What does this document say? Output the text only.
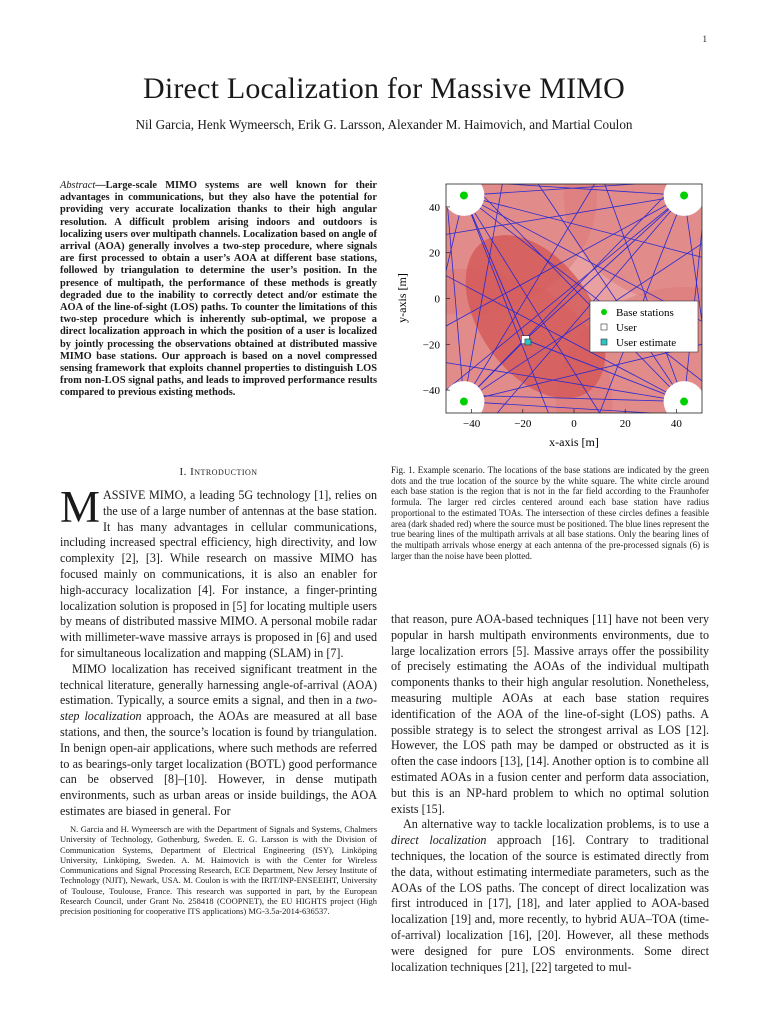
1
Direct Localization for Massive MIMO
Nil Garcia, Henk Wymeersch, Erik G. Larsson, Alexander M. Haimovich, and Martial Coulon
Abstract—Large-scale MIMO systems are well known for their advantages in communications, but they also have the potential for providing very accurate localization thanks to their high angular resolution. A difficult problem arising indoors and outdoors is localizing users over multipath channels. Localization based on angle of arrival (AOA) generally involves a two-step procedure, where signals are first processed to obtain a user’s AOA at different base stations, followed by triangulation to determine the user’s position. In the presence of multipath, the performance of these methods is greatly degraded due to the inability to correctly detect and/or estimate the AOA of the line-of-sight (LOS) paths. To counter the limitations of this two-step procedure which is inherently sub-optimal, we propose a direct localization approach in which the position of a user is localized by jointly processing the observations obtained at distributed massive MIMO base stations. Our approach is based on a novel compressed sensing framework that exploits channel properties to distinguish LOS from non-LOS signal paths, and leads to improved performance results compared to previous existing methods.
I. Introduction

MASSIVE MIMO, a leading 5G technology [1], relies on the use of a large number of antennas at the base station. It has many advantages in cellular communications, including increased spectral efficiency, high directivity, and low complexity [2], [3]. While research on massive MIMO has focused mainly on communications, it is also an enabler for high-accuracy localization [4]. For instance, a finger-printing localization solution is proposed in [5] for locating multiple users by means of distributed massive MIMO. A personal mobile radar with millimeter-wave massive arrays is proposed in [6] and used for simultaneous localization and mapping (SLAM) in [7].

MIMO localization has received significant treatment in the technical literature, generally harnessing angle-of-arrival (AOA) estimation. Typically, a source emits a signal, and then in a two-step localization approach, the AOAs are measured at all base stations, and then, the source’s location is found by triangulation. In benign open-air applications, where such methods are referred to as bearings-only target localization (BOTL) good performance can be observed [8]–[10]. However, in dense mutipath environments, such as urban areas or inside buildings, the AOA estimates are biased in general. For

N. Garcia and H. Wymeersch are with the Department of Signals and Systems, Chalmers University of Technology, Gothenburg, Sweden. E. G. Larsson is with the Division of Communication Systems, Department of Electrical Engineering (ISY), Linköping University, Linköping, Sweden. A. M. Haimovich is with the Center for Wireless Communications and Signal Processing Research, ECE Department, New Jersey Institute of Technology (NJIT), Newark, USA. M. Coulon is with the IRIT/INP-ENSEEIHT, University of Toulouse, Toulouse, France. This research was supported in part, by the European Research Council, under Grant No. 258418 (COOPNET), the EU HIGHTS project (High precision positioning for cooperative ITS applications) MG-3.5a-2014-636537.

−40	−20	0	20	40
−40
−20
0
20
40
x-axis [m]
y-axis [m]	Base stations
User
User estimate
Fig. 1. Example scenario. The locations of the base stations are indicated by the green dots and the true location of the source by the white square. The white circle around each base station is the region that is not in the far field according to the Fraunhofer formula. The larger red circles centered around each base station have radius proportional to the estimated TOAs. The intersection of these circles defines a feasible area (dark shaded red) where the source must be positioned. The blue lines represent the true bearing lines of the multipath arrivals at all base stations. Only the bearing lines of the multipath arrivals whose energy at each antenna of the pre-processed signals (6) is larger than the noise have been plotted.

that reason, pure AOA-based techniques [11] have not been very popular in harsh multipath environments environments, due to large localization errors [5]. Massive arrays offer the possibility of precisely estimating the AOAs of the individual multipath components thanks to their high angular resolution. Nonetheless, measuring multiple AOAs at each base station requires identification of the AOA of the line-of-sight (LOS) paths. A possible strategy is to select the strongest arrival as LOS [12]. However, the LOS path may be damped or obstructed as it is often the case indoors [13], [14]. Another option is to combine all estimated AOAs in a fusion center and perform data association, but this is an NP-hard problem to which no optimal solution exists [15].

An alternative way to tackle localization problems, is to use a direct localization approach [16]. Contrary to traditional techniques, the location of the source is estimated directly from the data, without estimating intermediate parameters, such as the AOAs of the LOS paths. The concept of direct localization was first introduced in [17], [18], and later applied to AOA-based localization [19] and, more recently, to hybrid AUA–TOA (time-of-arrival) localization [16], [20]. However, all these methods were designed for pure LOS environments. Some direct localization techniques [21], [22] targeted to mul-
